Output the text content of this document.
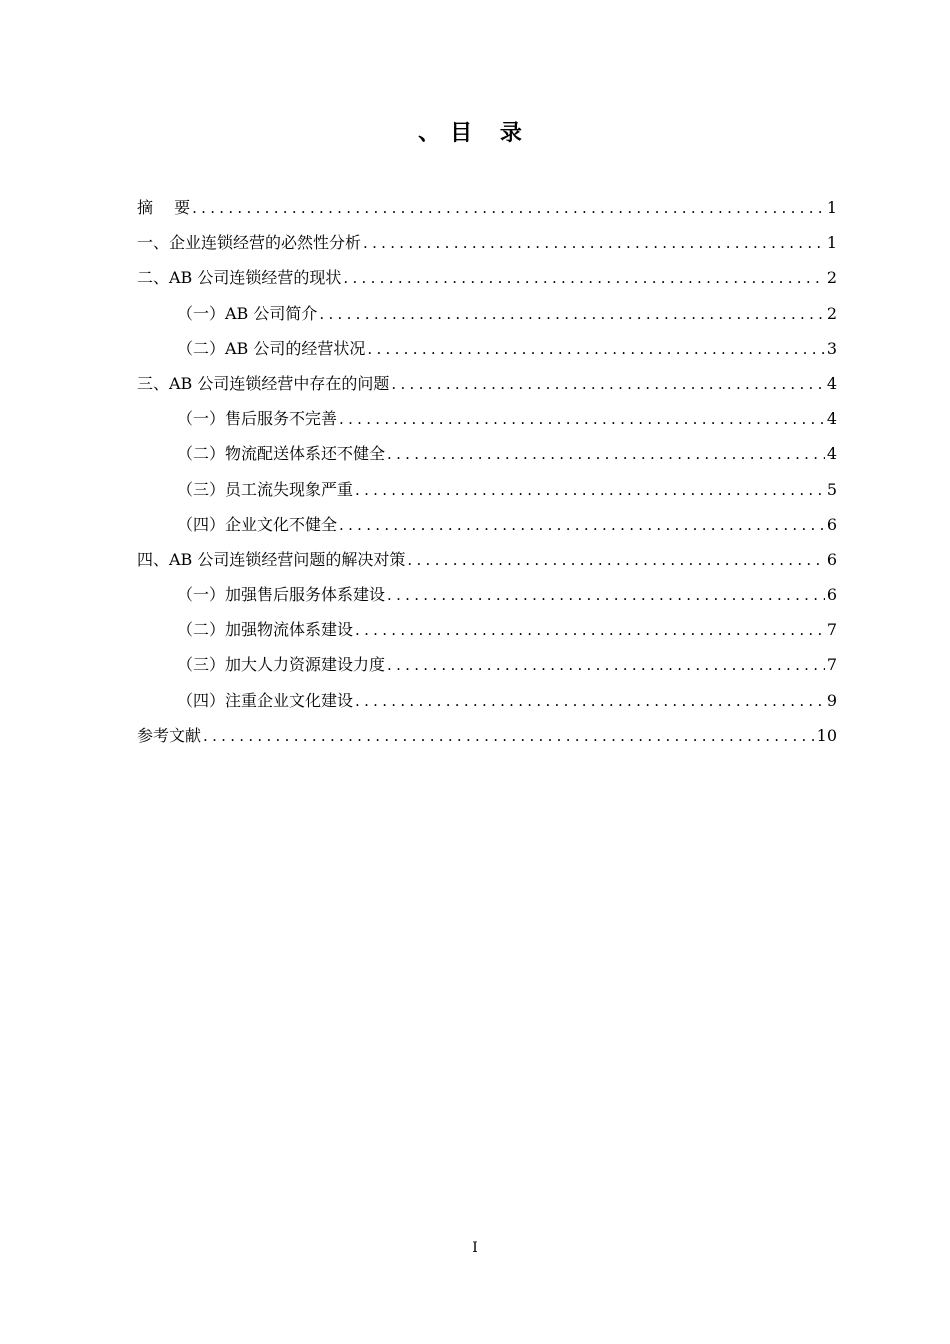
、目 录
摘　 要 .....	1
一、企业连锁经营的必然性分析 .....	1
二、AB 公司连锁经营的现状 .....	2
（一）AB 公司简介 .....	2
（二）AB 公司的经营状况 .....	3
三、AB 公司连锁经营中存在的问题 .....	4
（一）售后服务不完善 .....	4
（二）物流配送体系还不健全 .....	4
（三）员工流失现象严重 .....	5
（四）企业文化不健全 .....	6
四、AB 公司连锁经营问题的解决对策 .....	6
（一）加强售后服务体系建设 .....	6
（二）加强物流体系建设 .....	7
（三）加大人力资源建设力度 .....	7
（四）注重企业文化建设 .....	9
参考文献 .....	10
I
